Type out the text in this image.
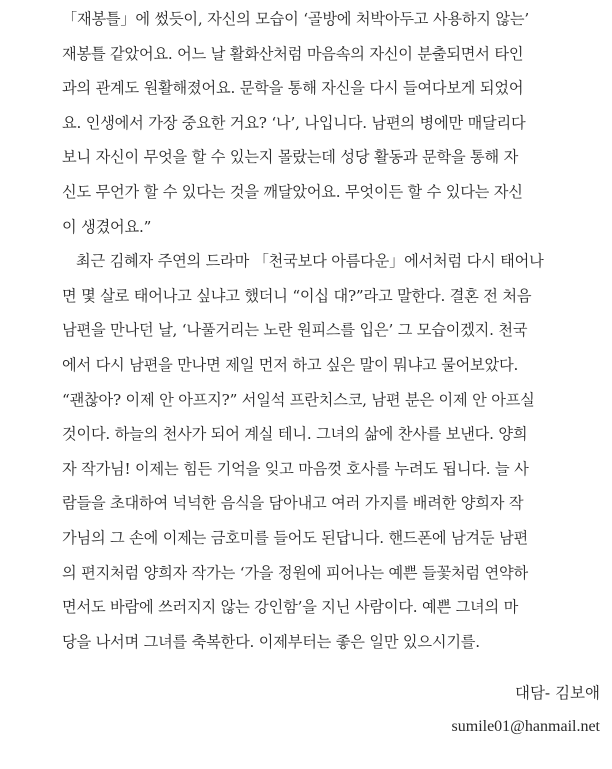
「재봉틀」에 썼듯이, 자신의 모습이 ‘골방에 처박아두고 사용하지 않는’
재봉틀 같았어요. 어느 날 활화산처럼 마음속의 자신이 분출되면서 타인
과의 관계도 원활해졌어요. 문학을 통해 자신을 다시 들여다보게 되었어
요. 인생에서 가장 중요한 거요? ‘나’, 나입니다. 남편의 병에만 매달리다
보니 자신이 무엇을 할 수 있는지 몰랐는데 성당 활동과 문학을 통해 자
신도 무언가 할 수 있다는 것을 깨달았어요. 무엇이든 할 수 있다는 자신
이 생겼어요.”
최근 김혜자 주연의 드라마 「천국보다 아름다운」에서처럼 다시 태어나
면 몇 살로 태어나고 싶냐고 했더니 “이십 대?”라고 말한다. 결혼 전 처음
남편을 만나던 날, ‘나풀거리는 노란 원피스를 입은’ 그 모습이겠지. 천국
에서 다시 남편을 만나면 제일 먼저 하고 싶은 말이 뭐냐고 물어보았다.
“괜찮아? 이제 안 아프지?” 서일석 프란치스코, 남편 분은 이제 안 아프실
것이다. 하늘의 천사가 되어 계실 테니. 그녀의 삶에 찬사를 보낸다. 양희
자 작가님! 이제는 힘든 기억을 잊고 마음껏 호사를 누려도 됩니다. 늘 사
람들을 초대하여 넉넉한 음식을 담아내고 여러 가지를 배려한 양희자 작
가님의 그 손에 이제는 금호미를 들어도 된답니다. 핸드폰에 남겨둔 남편
의 편지처럼 양희자 작가는 ‘가을 정원에 피어나는 예쁜 들꽃처럼 연약하
면서도 바람에 쓰러지지 않는 강인함’을 지닌 사람이다. 예쁜 그녀의 마
당을 나서며 그녀를 축복한다. 이제부터는 좋은 일만 있으시기를.
대담- 김보애
sumile01@hanmail.net
